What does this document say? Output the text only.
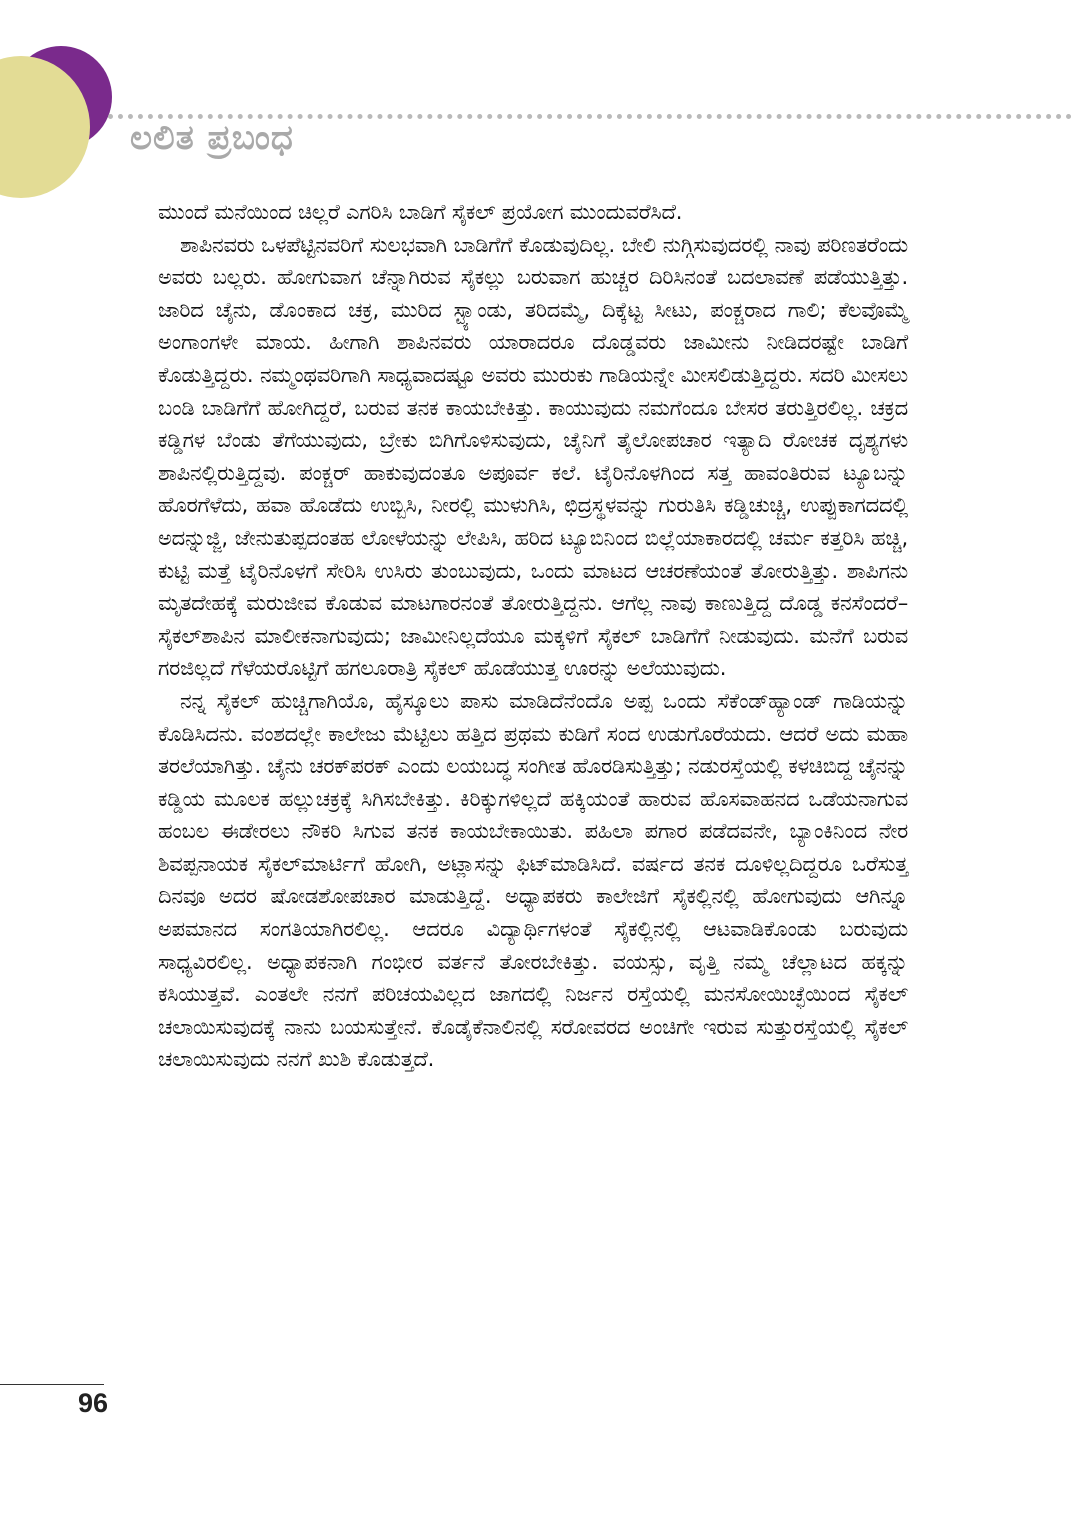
ಲಲಿತ ಪ್ರಬಂಧ

ಮುಂದೆ ಮನೆಯಿಂದ ಚಿಲ್ಲರೆ ಎಗರಿಸಿ ಬಾಡಿಗೆ ಸೈಕಲ್ ಪ್ರಯೋಗ ಮುಂದುವರೆಸಿದೆ.

ಶಾಪಿನವರು ಒಳಪೆಟ್ಟಿನವರಿಗೆ ಸುಲಭವಾಗಿ ಬಾಡಿಗೆಗೆ ಕೊಡುವುದಿಲ್ಲ. ಬೇಲಿ ನುಗ್ಗಿಸುವುದರಲ್ಲಿ ನಾವು ಪರಿಣತರೆಂದು ಅವರು ಬಲ್ಲರು. ಹೋಗುವಾಗ ಚೆನ್ನಾಗಿರುವ ಸೈಕಲ್ಲು ಬರುವಾಗ ಹುಚ್ಚರ ದಿರಿಸಿನಂತೆ ಬದಲಾವಣೆ ಪಡೆಯುತ್ತಿತ್ತು. ಜಾರಿದ ಚೈನು, ಡೊಂಕಾದ ಚಕ್ರ, ಮುರಿದ ಸ್ಟ್ಯಾಂಡು, ತರಿದಮ್ಮೆ, ದಿಕ್ಕೆಟ್ಟ ಸೀಟು, ಪಂಕ್ಚರಾದ ಗಾಲಿ; ಕೆಲವೊಮ್ಮೆ ಅಂಗಾಂಗಳೇ ಮಾಯ. ಹೀಗಾಗಿ ಶಾಪಿನವರು ಯಾರಾದರೂ ದೊಡ್ಡವರು ಜಾಮೀನು ನೀಡಿದರಷ್ಟೇ ಬಾಡಿಗೆ ಕೊಡುತ್ತಿದ್ದರು. ನಮ್ಮಂಥವರಿಗಾಗಿ ಸಾಧ್ಯವಾದಷ್ಟೂ ಅವರು ಮುರುಕು ಗಾಡಿಯನ್ನೇ ಮೀಸಲಿಡುತ್ತಿದ್ದರು. ಸದರಿ ಮೀಸಲು ಬಂಡಿ ಬಾಡಿಗೆಗೆ ಹೋಗಿದ್ದರೆ, ಬರುವ ತನಕ ಕಾಯಬೇಕಿತ್ತು. ಕಾಯುವುದು ನಮಗೆಂದೂ ಬೇಸರ ತರುತ್ತಿರಲಿಲ್ಲ. ಚಕ್ರದ ಕಡ್ಡಿಗಳ ಬೆಂಡು ತೆಗೆಯುವುದು, ಬ್ರೇಕು ಬಿಗಿಗೊಳಿಸುವುದು, ಚೈನಿಗೆ ತೈಲೋಪಚಾರ ಇತ್ಯಾದಿ ರೋಚಕ ದೃಶ್ಯಗಳು ಶಾಪಿನಲ್ಲಿರುತ್ತಿದ್ದವು. ಪಂಕ್ಚರ್ ಹಾಕುವುದಂತೂ ಅಪೂರ್ವ ಕಲೆ. ಟೈರಿನೊಳಗಿಂದ ಸತ್ತ ಹಾವಂತಿರುವ ಟ್ಯೂಬನ್ನು ಹೊರಗೆಳೆದು, ಹವಾ ಹೊಡೆದು ಉಬ್ಬಿಸಿ, ನೀರಲ್ಲಿ ಮುಳುಗಿಸಿ, ಛಿದ್ರಸ್ಥಳವನ್ನು ಗುರುತಿಸಿ ಕಡ್ಡಿಚುಚ್ಚಿ, ಉಪ್ಪುಕಾಗದದಲ್ಲಿ ಅದನ್ನುಜ್ಜಿ, ಜೇನುತುಪ್ಪದಂತಹ ಲೋಳೆಯನ್ನು ಲೇಪಿಸಿ, ಹರಿದ ಟ್ಯೂಬಿನಿಂದ ಬಿಲ್ಲೆಯಾಕಾರದಲ್ಲಿ ಚರ್ಮ ಕತ್ತರಿಸಿ ಹಚ್ಚಿ, ಕುಟ್ಟಿ ಮತ್ತೆ ಟೈರಿನೊಳಗೆ ಸೇರಿಸಿ ಉಸಿರು ತುಂಬುವುದು, ಒಂದು ಮಾಟದ ಆಚರಣೆಯಂತೆ ತೋರುತ್ತಿತ್ತು. ಶಾಪಿಗನು ಮೃತದೇಹಕ್ಕೆ ಮರುಜೀವ ಕೊಡುವ ಮಾಟಗಾರನಂತೆ ತೋರುತ್ತಿದ್ದನು. ಆಗೆಲ್ಲ ನಾವು ಕಾಣುತ್ತಿದ್ದ ದೊಡ್ಡ ಕನಸೆಂದರೆ– ಸೈಕಲ್‌ಶಾಪಿನ ಮಾಲೀಕನಾಗುವುದು; ಜಾಮೀನಿಲ್ಲದೆಯೂ ಮಕ್ಕಳಿಗೆ ಸೈಕಲ್ ಬಾಡಿಗೆಗೆ ನೀಡುವುದು. ಮನೆಗೆ ಬರುವ ಗರಜಿಲ್ಲದೆ ಗೆಳೆಯರೊಟ್ಟಿಗೆ ಹಗಲೂರಾತ್ರಿ ಸೈಕಲ್ ಹೊಡೆಯುತ್ತ ಊರನ್ನು ಅಲೆಯುವುದು.

ನನ್ನ ಸೈಕಲ್ ಹುಚ್ಚಿಗಾಗಿಯೊ, ಹೈಸ್ಕೂಲು ಪಾಸು ಮಾಡಿದೆನೆಂದೊ ಅಪ್ಪ ಒಂದು ಸೆಕೆಂಡ್‌ಹ್ಯಾಂಡ್ ಗಾಡಿಯನ್ನು ಕೊಡಿಸಿದನು. ವಂಶದಲ್ಲೇ ಕಾಲೇಜು ಮೆಟ್ಟಿಲು ಹತ್ತಿದ ಪ್ರಥಮ ಕುಡಿಗೆ ಸಂದ ಉಡುಗೊರೆಯದು. ಆದರೆ ಅದು ಮಹಾ ತರಲೆಯಾಗಿತ್ತು. ಚೈನು ಚರಕ್‌ಪರಕ್ ಎಂದು ಲಯಬದ್ಧ ಸಂಗೀತ ಹೊರಡಿಸುತ್ತಿತ್ತು; ನಡುರಸ್ತೆಯಲ್ಲಿ ಕಳಚಿಬಿದ್ದ ಚೈನನ್ನು ಕಡ್ಡಿಯ ಮೂಲಕ ಹಲ್ಲುಚಕ್ರಕ್ಕೆ ಸಿಗಿಸಬೇಕಿತ್ತು. ಕಿರಿಕ್ಕುಗಳಿಲ್ಲದೆ ಹಕ್ಕಿಯಂತೆ ಹಾರುವ ಹೊಸವಾಹನದ ಒಡೆಯನಾಗುವ ಹಂಬಲ ಈಡೇರಲು ನೌಕರಿ ಸಿಗುವ ತನಕ ಕಾಯಬೇಕಾಯಿತು. ಪಹಿಲಾ ಪಗಾರ ಪಡೆದವನೇ, ಬ್ಯಾಂಕಿನಿಂದ ನೇರ ಶಿವಪ್ಪನಾಯಕ ಸೈಕಲ್‌ಮಾರ್ಟಿಗೆ ಹೋಗಿ, ಅಟ್ಲಾಸನ್ನು ಫಿಟ್‌ಮಾಡಿಸಿದೆ. ವರ್ಷದ ತನಕ ದೂಳಿಲ್ಲದಿದ್ದರೂ ಒರೆಸುತ್ತ ದಿನವೂ ಅದರ ಷೋಡಶೋಪಚಾರ ಮಾಡುತ್ತಿದ್ದೆ. ಅಧ್ಯಾಪಕರು ಕಾಲೇಜಿಗೆ ಸೈಕಲ್ಲಿನಲ್ಲಿ ಹೋಗುವುದು ಆಗಿನ್ನೂ ಅಪಮಾನದ ಸಂಗತಿಯಾಗಿರಲಿಲ್ಲ. ಆದರೂ ವಿದ್ಯಾರ್ಥಿಗಳಂತೆ ಸೈಕಲ್ಲಿನಲ್ಲಿ ಆಟವಾಡಿಕೊಂಡು ಬರುವುದು ಸಾಧ್ಯವಿರಲಿಲ್ಲ. ಅಧ್ಯಾಪಕನಾಗಿ ಗಂಭೀರ ವರ್ತನೆ ತೋರಬೇಕಿತ್ತು. ವಯಸ್ಸು, ವೃತ್ತಿ ನಮ್ಮ ಚೆಲ್ಲಾಟದ ಹಕ್ಕನ್ನು ಕಸಿಯುತ್ತವೆ. ಎಂತಲೇ ನನಗೆ ಪರಿಚಯವಿಲ್ಲದ ಜಾಗದಲ್ಲಿ ನಿರ್ಜನ ರಸ್ತೆಯಲ್ಲಿ ಮನಸೋಯಿಚ್ಛೆಯಿಂದ ಸೈಕಲ್ ಚಲಾಯಿಸುವುದಕ್ಕೆ ನಾನು ಬಯಸುತ್ತೇನೆ. ಕೊಡೈಕೆನಾಲಿನಲ್ಲಿ ಸರೋವರದ ಅಂಚಿಗೇ ಇರುವ ಸುತ್ತುರಸ್ತೆಯಲ್ಲಿ ಸೈಕಲ್ ಚಲಾಯಿಸುವುದು ನನಗೆ ಖುಶಿ ಕೊಡುತ್ತದೆ.

96
